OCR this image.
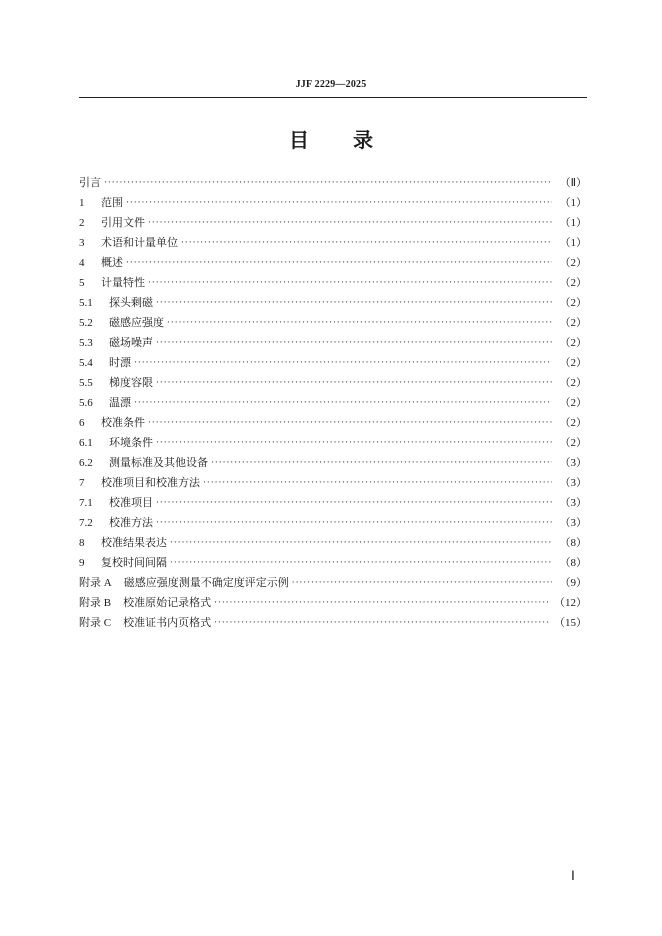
JJF 2229—2025
目录
引言 ·····	（Ⅱ）
1	范围 ·····	（1）
2	引用文件 ·····	（1）
3	术语和计量单位 ·····	（1）
4	概述 ·····	（2）
5	计量特性 ·····	（2）
5.1	探头剩磁 ·····	（2）
5.2	磁感应强度 ·····	（2）
5.3	磁场噪声 ·····	（2）
5.4	时漂 ·····	（2）
5.5	梯度容限 ·····	（2）
5.6	温漂 ·····	（2）
6	校准条件 ·····	（2）
6.1	环境条件 ·····	（2）
6.2	测量标准及其他设备 ·····	（3）
7	校准项目和校准方法 ·····	（3）
7.1	校准项目 ·····	（3）
7.2	校准方法 ·····	（3）
8	校准结果表达 ·····	（8）
9	复校时间间隔 ·····	（8）
附录 A 磁感应强度测量不确定度评定示例 ·····	（9）
附录 B 校准原始记录格式 ·····	（12）
附录 C 校准证书内页格式 ·····	（15）
Ⅰ
